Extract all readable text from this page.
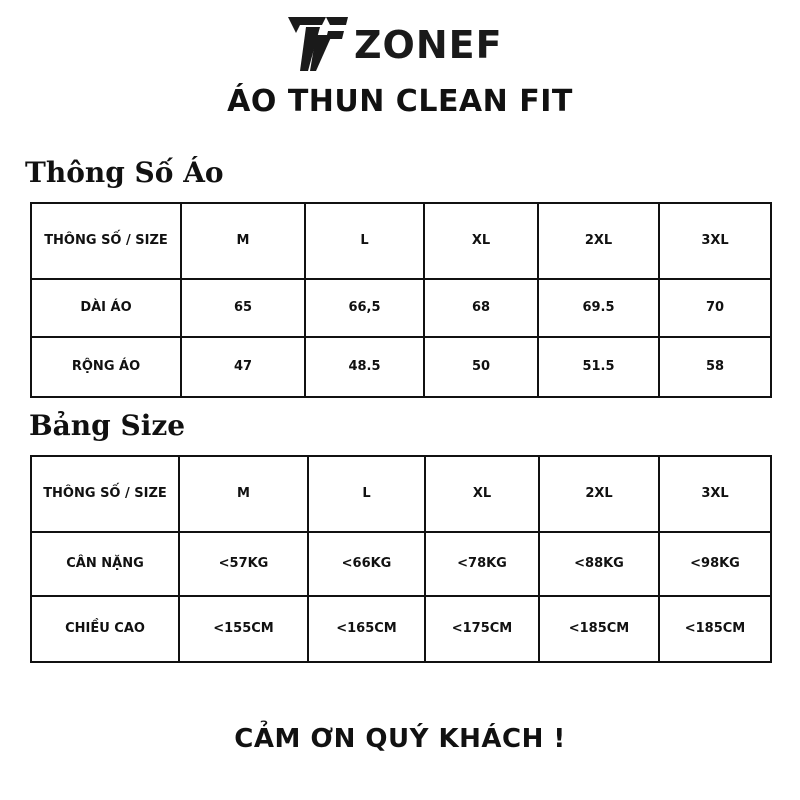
ZONEF
ÁO THUN CLEAN FIT
Thông Số Áo
THÔNG SỐ / SIZE	M	L	XL	2XL	3XL
DÀI ÁO	65	66,5	68	69.5	70
RỘNG ÁO	47	48.5	50	51.5	58
Bảng Size
THÔNG SỐ / SIZE	M	L	XL	2XL	3XL
CÂN NẶNG	<57KG	<66KG	<78KG	<88KG	<98KG
CHIỀU CAO	<155CM	<165CM	<175CM	<185CM	<185CM
CẢM ƠN QUÝ KHÁCH !
